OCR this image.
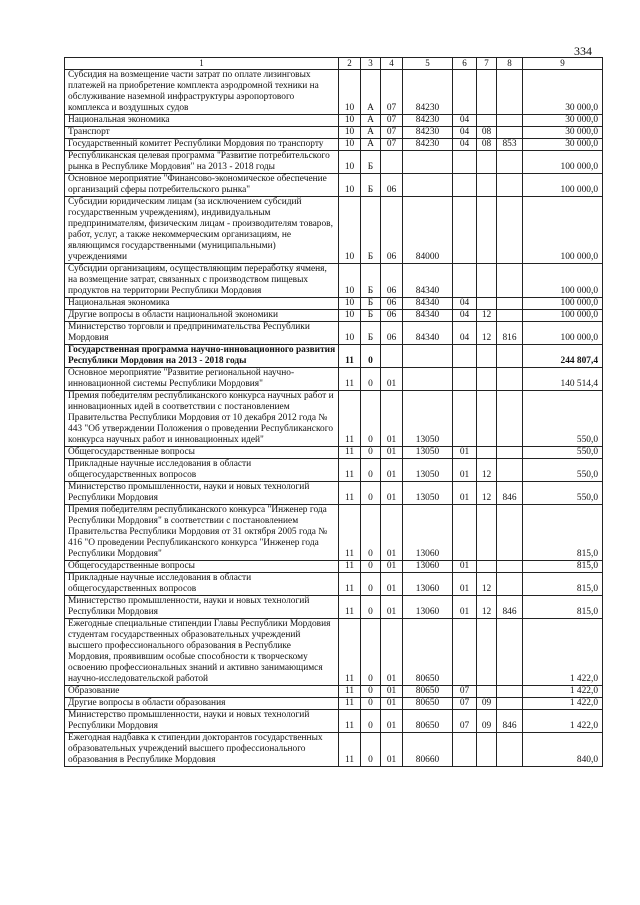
334
1	2	3	4	5	6	7	8	9
Субсидия на возмещение части затрат по оплате лизинговых платежей на приобретение комплекта аэродромной техники на обслуживание наземной инфраструктуры аэропортового комплекса и воздушных судов	10	А	07	84230				30 000,0
Национальная экономика	10	А	07	84230	04			30 000,0
Транспорт	10	А	07	84230	04	08		30 000,0
Государственный комитет Республики Мордовия по транспорту	10	А	07	84230	04	08	853	30 000,0
Республиканская целевая программа "Развитие потребительского рынка в Республике Мордовия" на 2013 - 2018 годы	10	Б						100 000,0
Основное мероприятие "Финансово-экономическое обеспечение организаций сферы потребительского рынка"	10	Б	06					100 000,0
Субсидии юридическим лицам (за исключением субсидий государственным учреждениям), индивидуальным предпринимателям, физическим лицам - производителям товаров, работ, услуг, а также некоммерческим организациям, не являющимся государственными (муниципальными) учреждениями	10	Б	06	84000				100 000,0
Субсидии организациям, осуществляющим переработку ячменя, на возмещение затрат, связанных с производством пищевых продуктов на территории Республики Мордовия	10	Б	06	84340				100 000,0
Национальная экономика	10	Б	06	84340	04			100 000,0
Другие вопросы в области национальной экономики	10	Б	06	84340	04	12		100 000,0
Министерство торговли и предпринимательства Республики Мордовия	10	Б	06	84340	04	12	816	100 000,0
Государственная программа научно-инновационного развития Республики Мордовия на 2013 - 2018 годы	11	0						244 807,4
Основное мероприятие "Развитие региональной научно-инновационной системы Республики Мордовия"	11	0	01					140 514,4
Премия победителям республиканского конкурса научных работ и инновационных идей в соответствии с постановлением Правительства Республики Мордовия от 10 декабря 2012 года № 443 "Об утверждении Положения о проведении Республиканского конкурса научных работ и инновационных идей"	11	0	01	13050				550,0
Общегосударственные вопросы	11	0	01	13050	01			550,0
Прикладные научные исследования в области общегосударственных вопросов	11	0	01	13050	01	12		550,0
Министерство промышленности, науки и новых технологий Республики Мордовия	11	0	01	13050	01	12	846	550,0
Премия победителям республиканского конкурса "Инженер года Республики Мордовия" в соответствии с постановлением Правительства Республики Мордовия от 31 октября 2005 года № 416 "О проведении Республиканского конкурса "Инженер года Республики Мордовия"	11	0	01	13060				815,0
Общегосударственные вопросы	11	0	01	13060	01			815,0
Прикладные научные исследования в области общегосударственных вопросов	11	0	01	13060	01	12		815,0
Министерство промышленности, науки и новых технологий Республики Мордовия	11	0	01	13060	01	12	846	815,0
Ежегодные специальные стипендии Главы Республики Мордовия студентам государственных образовательных учреждений высшего профессионального образования в Республике Мордовия, проявившим особые способности к творческому освоению профессиональных знаний и активно занимающимся научно-исследовательской работой	11	0	01	80650				1 422,0
Образование	11	0	01	80650	07			1 422,0
Другие вопросы в области образования	11	0	01	80650	07	09		1 422,0
Министерство промышленности, науки и новых технологий Республики Мордовия	11	0	01	80650	07	09	846	1 422,0
Ежегодная надбавка к стипендии докторантов государственных образовательных учреждений высшего профессионального образования в Республике Мордовия	11	0	01	80660				840,0
